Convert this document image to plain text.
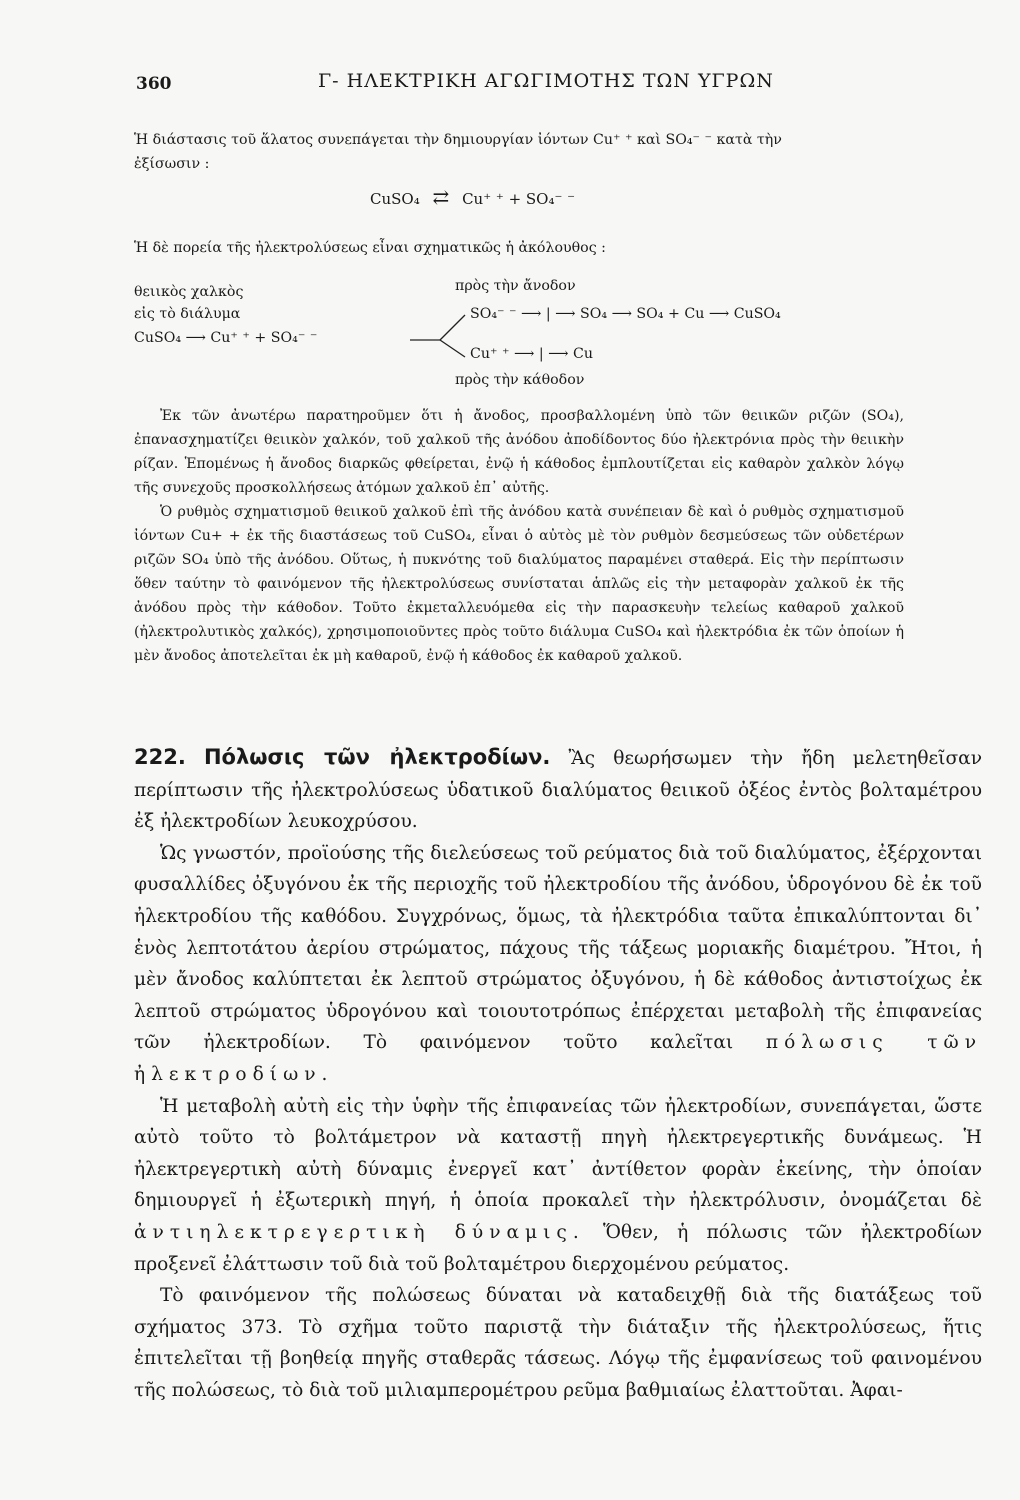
360	Γ- ΗΛΕΚΤΡΙΚΗ ΑΓΩΓΙΜΟΤΗΣ ΤΩΝ ΥΓΡΩΝ

Ἡ διάστασις τοῦ ἅλατος συνεπάγεται τὴν δημιουργίαν ἰόντων Cu⁺ ⁺ καὶ SO₄⁻ ⁻ κατὰ τὴν

ἐξίσωσιν :

CuSO₄ ⇄ Cu⁺ ⁺ + SO₄⁻ ⁻
Ἡ δὲ πορεία τῆς ἠλεκτρολύσεως εἶναι σχηματικῶς ἡ ἀκόλουθος :
θειικὸς χαλκὸς
εἰς τὸ διάλυμα
CuSO₄ ⟶ Cu⁺ ⁺ + SO₄⁻ ⁻
πρὸς τὴν ἄνοδον
SO₄⁻ ⁻ ⟶ | ⟶ SO₄ ⟶ SO₄ + Cu ⟶ CuSO₄
Cu⁺ ⁺ ⟶ | ⟶ Cu
πρὸς τὴν κάθοδον

Ἐκ τῶν ἀνωτέρω παρατηροῦμεν ὅτι ἡ ἄνοδος, προσβαλλομένη ὑπὸ τῶν θειικῶν ριζῶν (SO₄), ἐπανασχηματίζει θειικὸν χαλκόν, τοῦ χαλκοῦ τῆς ἀνόδου ἀποδίδοντος δύο ἠλεκτρόνια πρὸς τὴν θειικὴν ρίζαν. Ἑπομένως ἡ ἄνοδος διαρκῶς φθείρεται, ἐνῷ ἡ κάθοδος ἐμπλουτίζεται εἰς καθαρὸν χαλκὸν λόγῳ τῆς συνεχοῦς προσκολλήσεως ἀτόμων χαλκοῦ ἐπ᾽ αὐτῆς.

Ὁ ρυθμὸς σχηματισμοῦ θειικοῦ χαλκοῦ ἐπὶ τῆς ἀνόδου κατὰ συνέπειαν δὲ καὶ ὁ ρυθμὸς σχηματισμοῦ ἰόντων Cu+ + ἐκ τῆς διαστάσεως τοῦ CuSO₄, εἶναι ὁ αὐτὸς μὲ τὸν ρυθμὸν δεσμεύσεως τῶν οὐδετέρων ριζῶν SO₄ ὑπὸ τῆς ἀνόδου. Οὕτως, ἡ πυκνότης τοῦ διαλύματος παραμένει σταθερά. Εἰς τὴν περίπτωσιν ὅθεν ταύτην τὸ φαινόμενον τῆς ἠλεκτρολύσεως συνίσταται ἁπλῶς εἰς τὴν μεταφορὰν χαλκοῦ ἐκ τῆς ἀνόδου πρὸς τὴν κάθοδον. Τοῦτο ἐκμεταλλευόμεθα εἰς τὴν παρασκευὴν τελείως καθαροῦ χαλκοῦ (ἠλεκτρολυτικὸς χαλκός), χρησιμοποιοῦντες πρὸς τοῦτο διάλυμα CuSO₄ καὶ ἠλεκτρόδια ἐκ τῶν ὁποίων ἡ μὲν ἄνοδος ἀποτελεῖται ἐκ μὴ καθαροῦ, ἐνῷ ἡ κάθοδος ἐκ καθαροῦ χαλκοῦ.

222. Πόλωσις τῶν ἠλεκτροδίων. Ἂς θεωρήσωμεν τὴν ἤδη μελετηθεῖσαν περίπτωσιν τῆς ἠλεκτρολύσεως ὑδατικοῦ διαλύματος θειικοῦ ὀξέος ἐντὸς βολταμέτρου ἐξ ἠλεκτροδίων λευκοχρύσου.

Ὡς γνωστόν, προϊούσης τῆς διελεύσεως τοῦ ρεύματος διὰ τοῦ διαλύματος, ἐξέρχονται φυσαλλίδες ὀξυγόνου ἐκ τῆς περιοχῆς τοῦ ἠλεκτροδίου τῆς ἀνόδου, ὑδρογόνου δὲ ἐκ τοῦ ἠλεκτροδίου τῆς καθόδου. Συγχρόνως, ὅμως, τὰ ἠλεκτρόδια ταῦτα ἐπικαλύπτονται δι᾽ ἑνὸς λεπτοτάτου ἀερίου στρώματος, πάχους τῆς τάξεως μοριακῆς διαμέτρου. Ἤτοι, ἡ μὲν ἄνοδος καλύπτεται ἐκ λεπτοῦ στρώματος ὀξυγόνου, ἡ δὲ κάθοδος ἀντιστοίχως ἐκ λεπτοῦ στρώματος ὑδρογόνου καὶ τοιουτοτρόπως ἐπέρχεται μεταβολὴ τῆς ἐπιφανείας τῶν ἠλεκτροδίων. Τὸ φαινόμενον τοῦτο καλεῖται πόλωσις τῶν ἠλεκτροδίων.

Ἡ μεταβολὴ αὐτὴ εἰς τὴν ὑφὴν τῆς ἐπιφανείας τῶν ἠλεκτροδίων, συνεπάγεται, ὥστε αὐτὸ τοῦτο τὸ βολτάμετρον νὰ καταστῇ πηγὴ ἠλεκτρεγερτικῆς δυνάμεως. Ἡ ἠλεκτρεγερτικὴ αὐτὴ δύναμις ἐνεργεῖ κατ᾽ ἀντίθετον φορὰν ἐκείνης, τὴν ὁποίαν δημιουργεῖ ἡ ἐξωτερικὴ πηγή, ἡ ὁποία προκαλεῖ τὴν ἠλεκτρόλυσιν, ὀνομάζεται δὲ ἀντιηλεκτρεγερτικὴ δύναμις. Ὅθεν, ἡ πόλωσις τῶν ἠλεκτροδίων προξενεῖ ἐλάττωσιν τοῦ διὰ τοῦ βολταμέτρου διερχομένου ρεύματος.

Τὸ φαινόμενον τῆς πολώσεως δύναται νὰ καταδειχθῇ διὰ τῆς διατάξεως τοῦ σχήματος 373. Τὸ σχῆμα τοῦτο παριστᾷ τὴν διάταξιν τῆς ἠλεκτρολύσεως, ἥτις ἐπιτελεῖται τῇ βοηθείᾳ πηγῆς σταθερᾶς τάσεως. Λόγῳ τῆς ἐμφανίσεως τοῦ φαινομένου τῆς πολώσεως, τὸ διὰ τοῦ μιλιαμπερομέτρου ρεῦμα βαθμιαίως ἐλαττοῦται. Ἀφαι-
